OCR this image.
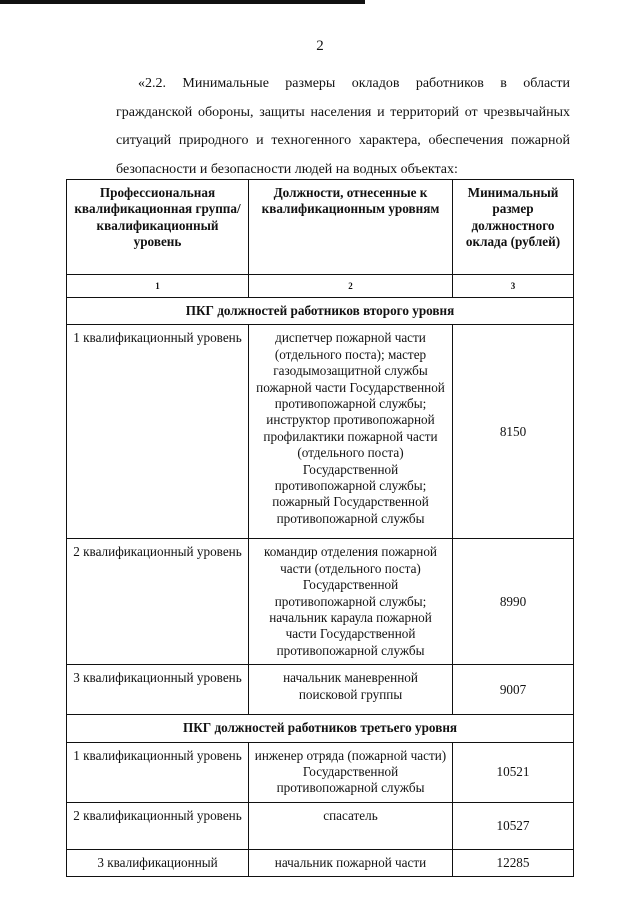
2

«2.2. Минимальные размеры окладов работников в области гражданской обороны, защиты населения и территорий от чрезвычайных ситуаций природного и техногенного характера, обеспечения пожарной безопасности и безопасности людей на водных объектах:

Профессиональная квалификационная группа/ квалификационный уровень	Должности, отнесенные к квалификационным уровням	Минимальный размер должностного оклада (рублей)
1	2	3
ПКГ должностей работников второго уровня		
1 квалификационный уровень	диспетчер пожарной части (отдельного поста); мастер газодымозащитной службы пожарной части Государственной противопожарной службы; инструктор противопожарной профилактики пожарной части (отдельного поста) Государственной противопожарной службы; пожарный Государственной противопожарной службы	8150
2 квалификационный уровень	командир отделения пожарной части (отдельного поста) Государственной противопожарной службы; начальник караула пожарной части Государственной противопожарной службы	8990
3 квалификационный уровень	начальник маневренной поисковой группы	9007
ПКГ должностей работников третьего уровня		
1 квалификационный уровень	инженер отряда (пожарной части) Государственной противопожарной службы	10521
2 квалификационный уровень	спасатель	10527
3 квалификационный	начальник пожарной части	12285
